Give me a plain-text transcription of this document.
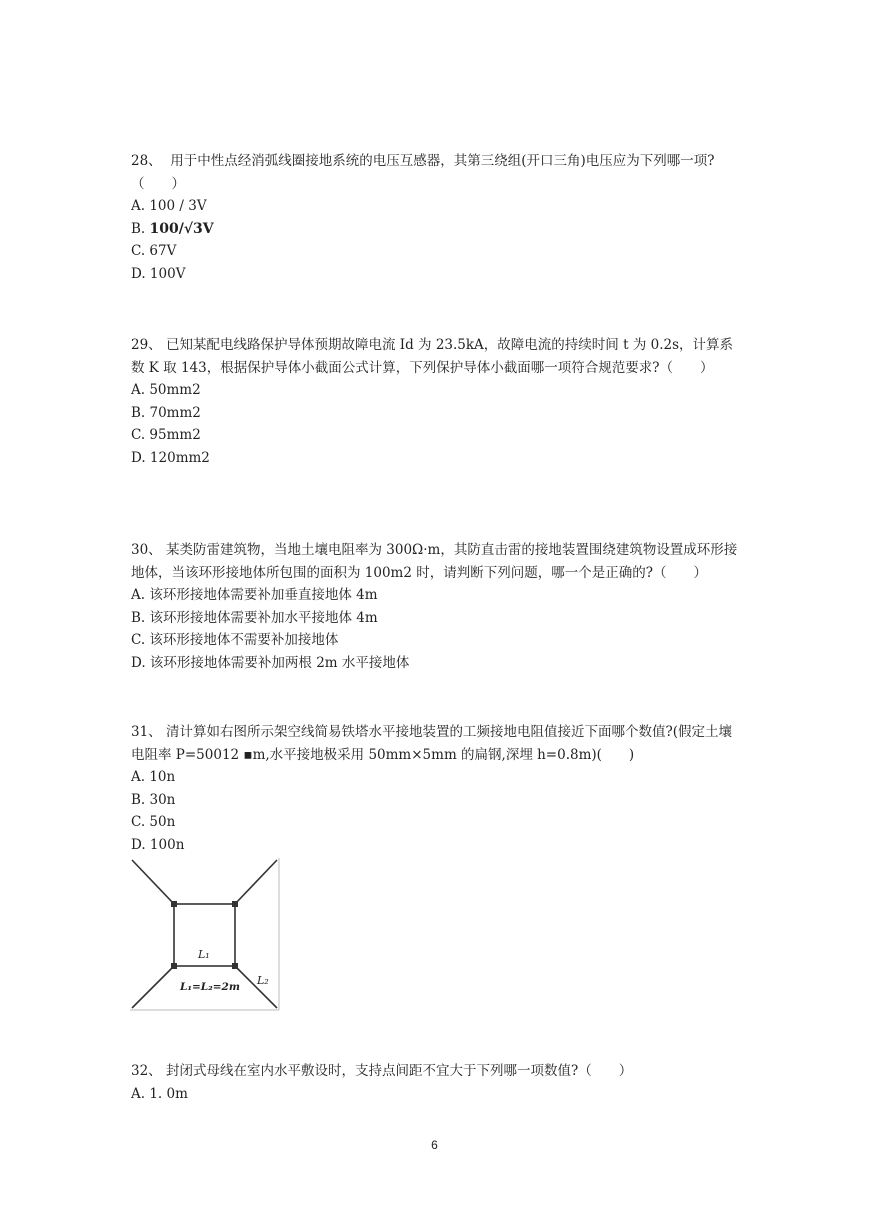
28、  用于中性点经消弧线圈接地系统的电压互感器，其第三绕组(开口三角)电压应为下列哪一项?（　　）

A. 100 / 3V

B. 100/√3V

C. 67V

D. 100V

29、 已知某配电线路保护导体预期故障电流 Id 为 23.5kA，故障电流的持续时间 t 为 0.2s，计算系数 K 取 143，根据保护导体小截面公式计算，下列保护导体小截面哪一项符合规范要求?（　　）

A. 50mm2

B. 70mm2

C. 95mm2

D. 120mm2

30、 某类防雷建筑物，当地土壤电阻率为 300Ω·m，其防直击雷的接地装置围绕建筑物设置成环形接地体，当该环形接地体所包围的面积为 100m2 时，请判断下列问题，哪一个是正确的?（　　）

A. 该环形接地体需要补加垂直接地体 4m

B. 该环形接地体需要补加水平接地体 4m

C. 该环形接地体不需要补加接地体

D. 该环形接地体需要补加两根 2m 水平接地体

31、 清计算如右图所示架空线简易铁塔水平接地装置的工频接地电阻值接近下面哪个数值?(假定土壤电阻率 P=50012 ▪m,水平接地极采用 50mm×5mm 的扁钢,深埋 h=0.8m)(　　)

A. 10n

B. 30n

C. 50n

D. 100n

L₁
L₂
L₁=L₂=2m

32、 封闭式母线在室内水平敷设时，支持点间距不宜大于下列哪一项数值?（　　）

A. 1. 0m

6
